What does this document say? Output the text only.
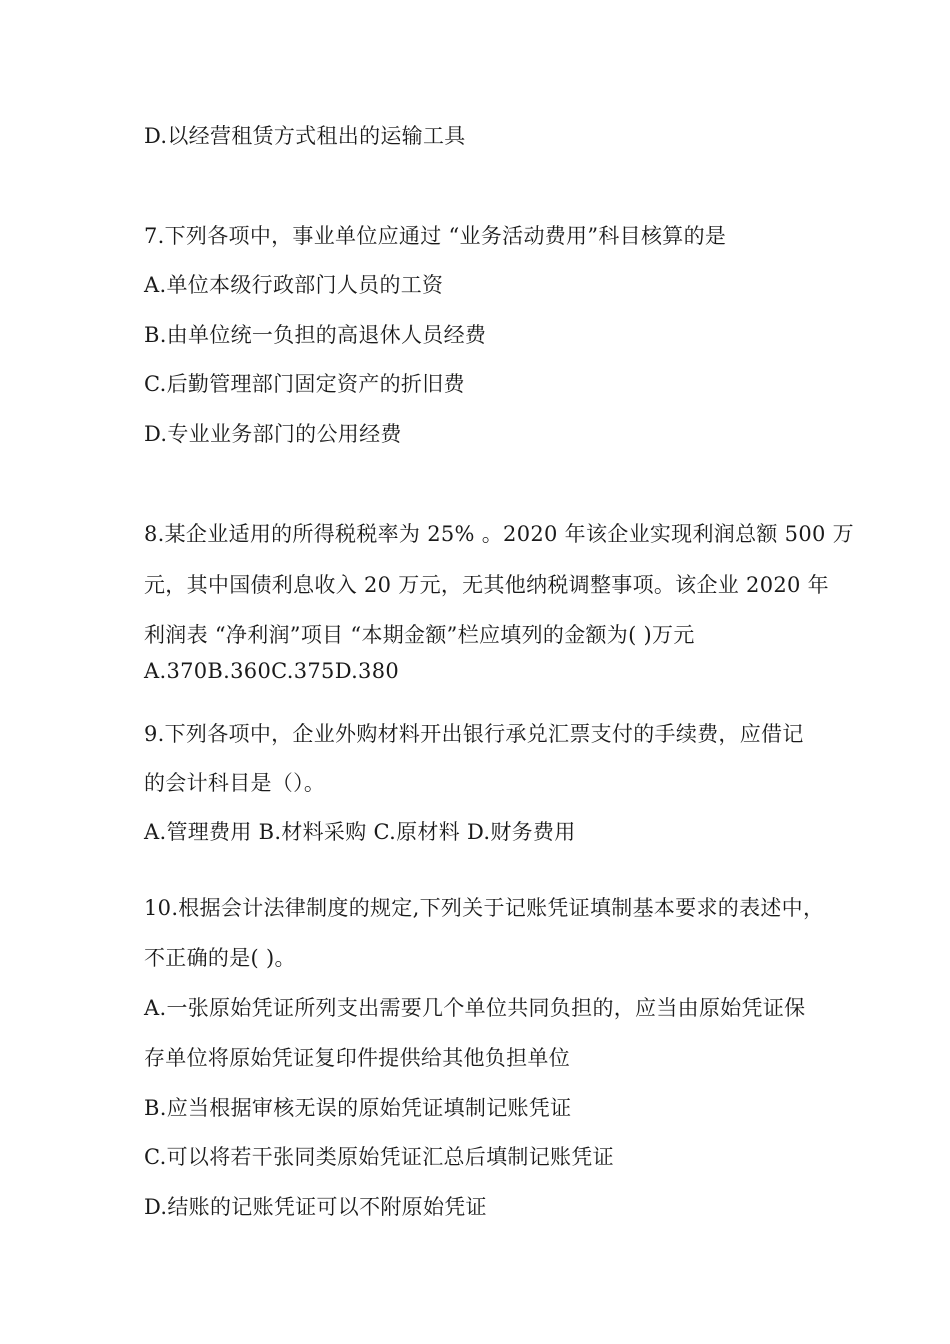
D.以经营租赁方式租出的运输工具
7.下列各项中，事业单位应通过 “业务活动费用”科目核算的是
A.单位本级行政部门人员的工资
B.由单位统一负担的高退休人员经费
C.后勤管理部门固定资产的折旧费
D.专业业务部门的公用经费
8.某企业适用的所得税税率为 25% 。2020 年该企业实现利润总额 500 万
元，其中国债利息收入 20 万元，无其他纳税调整事项。该企业 2020 年
利润表 “净利润”项目 “本期金额”栏应填列的金额为( )万元
A.370B.360C.375D.380
9.下列各项中，企业外购材料开出银行承兑汇票支付的手续费，应借记
的会计科目是（）。
A.管理费用 B.材料采购 C.原材料 D.财务费用
10.根据会计法律制度的规定,下列关于记账凭证填制基本要求的表述中，
不正确的是( )。
A.一张原始凭证所列支出需要几个单位共同负担的，应当由原始凭证保
存单位将原始凭证复印件提供给其他负担单位
B.应当根据审核无误的原始凭证填制记账凭证
C.可以将若干张同类原始凭证汇总后填制记账凭证
D.结账的记账凭证可以不附原始凭证
